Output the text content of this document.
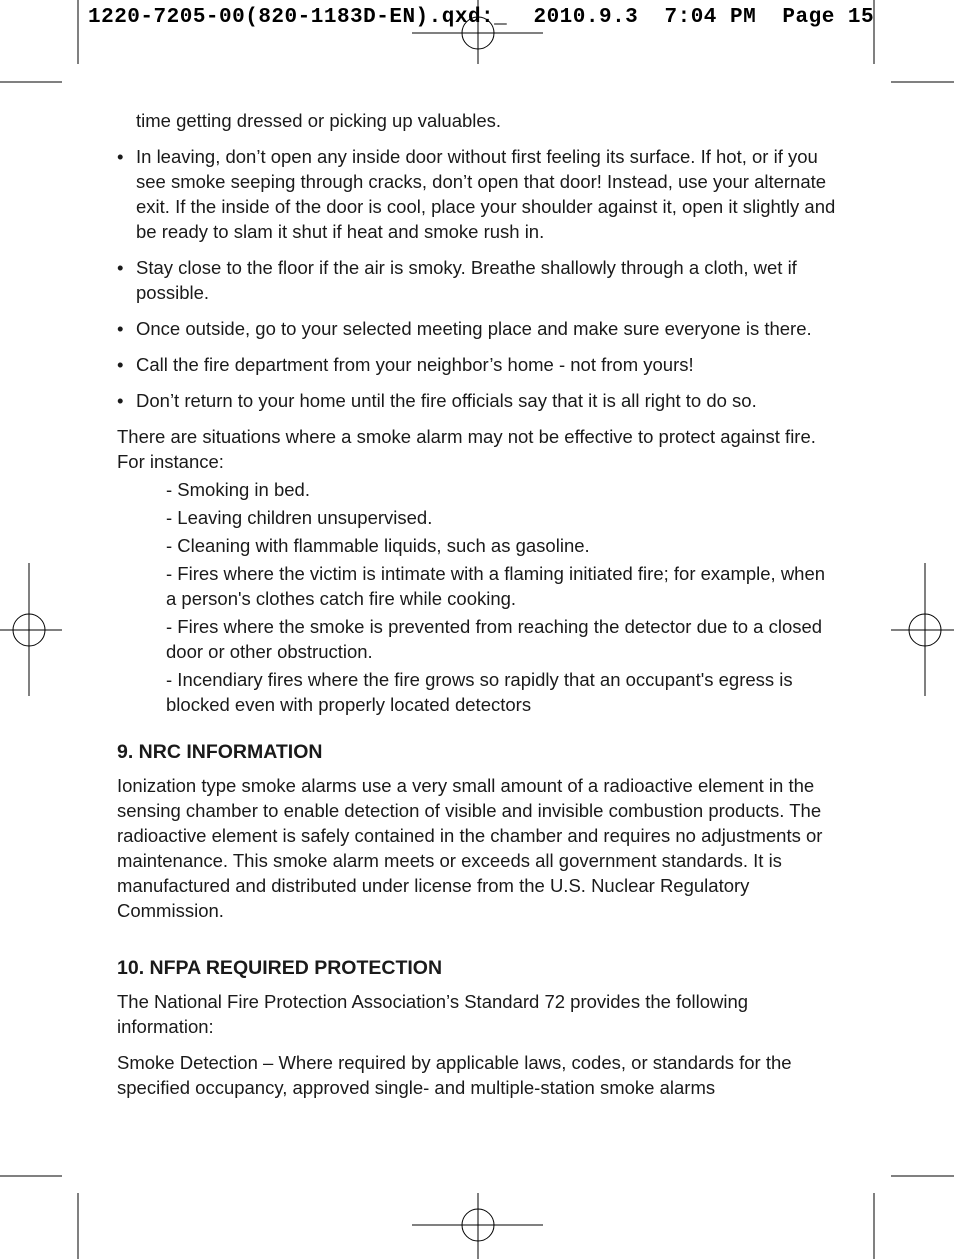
1220-7205-00(820-1183D-EN).qxd:_  2010.9.3  7:04 PM  Page 15

time getting dressed or picking up valuables.

• In leaving, don’t open any inside door without first feeling its surface. If hot, or if you see smoke seeping through cracks, don’t open that door! Instead, use your alternate exit. If the inside of the door is cool, place your shoulder against it, open it slightly and be ready to slam it shut if heat and smoke rush in.
• Stay close to the floor if the air is smoky. Breathe shallowly through a cloth, wet if possible.
• Once outside, go to your selected meeting place and make sure everyone is there.
• Call the fire department from your neighbor’s home - not from yours!
• Don’t return to your home until the fire officials say that it is all right to do so.

There are situations where a smoke alarm may not be effective to protect against fire. For instance:

- Smoking in bed.
- Leaving children unsupervised.
- Cleaning with flammable liquids, such as gasoline.
- Fires where the victim is intimate with a flaming initiated fire; for example, when a person's clothes catch fire while cooking.
- Fires where the smoke is prevented from reaching the detector due to a closed door or other obstruction.
- Incendiary fires where the fire grows so rapidly that an occupant's egress is blocked even with properly located detectors
9. NRC INFORMATION

Ionization type smoke alarms use a very small amount of a radioactive element in the sensing chamber to enable detection of visible and invisible combustion products. The radioactive element is safely contained in the chamber and requires no adjustments or maintenance. This smoke alarm meets or exceeds all government standards. It is manufactured and distributed under license from the U.S. Nuclear Regulatory Commission.

10. NFPA REQUIRED PROTECTION

The National Fire Protection Association’s Standard 72 provides the following information:

Smoke Detection – Where required by applicable laws, codes, or standards for the specified occupancy, approved single- and multiple-station smoke alarms
